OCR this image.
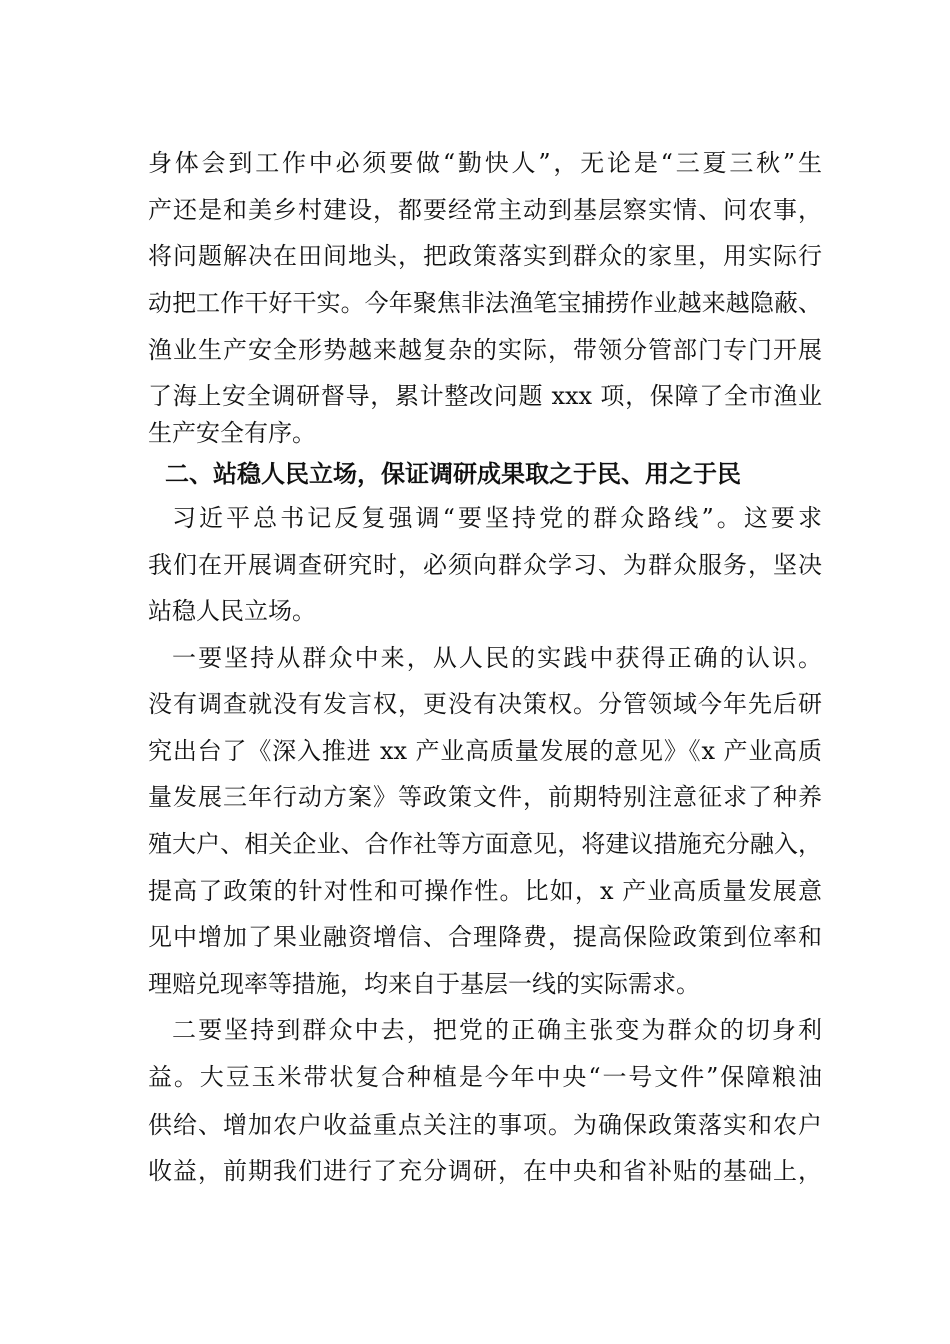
身体会到工作中必须要做“勤快人”，无论是“三夏三秋”生
产还是和美乡村建设，都要经常主动到基层察实情、问农事，
将问题解决在田间地头，把政策落实到群众的家里，用实际行
动把工作干好干实。今年聚焦非法渔笔宝捕捞作业越来越隐蔽、
渔业生产安全形势越来越复杂的实际，带领分管部门专门开展
了海上安全调研督导，累计整改问题 xxx 项，保障了全市渔业
生产安全有序。
二、站稳人民立场，保证调研成果取之于民、用之于民
习近平总书记反复强调“要坚持党的群众路线”。这要求
我们在开展调查研究时，必须向群众学习、为群众服务，坚决
站稳人民立场。
一要坚持从群众中来，从人民的实践中获得正确的认识。
没有调查就没有发言权，更没有决策权。分管领域今年先后研
究出台了《深入推进 xx 产业高质量发展的意见》《x 产业高质
量发展三年行动方案》等政策文件，前期特别注意征求了种养
殖大户、相关企业、合作社等方面意见，将建议措施充分融入，
提高了政策的针对性和可操作性。比如，x 产业高质量发展意
见中增加了果业融资增信、合理降费，提高保险政策到位率和
理赔兑现率等措施，均来自于基层一线的实际需求。
二要坚持到群众中去，把党的正确主张变为群众的切身利
益。大豆玉米带状复合种植是今年中央“一号文件”保障粮油
供给、增加农户收益重点关注的事项。为确保政策落实和农户
收益，前期我们进行了充分调研，在中央和省补贴的基础上，
